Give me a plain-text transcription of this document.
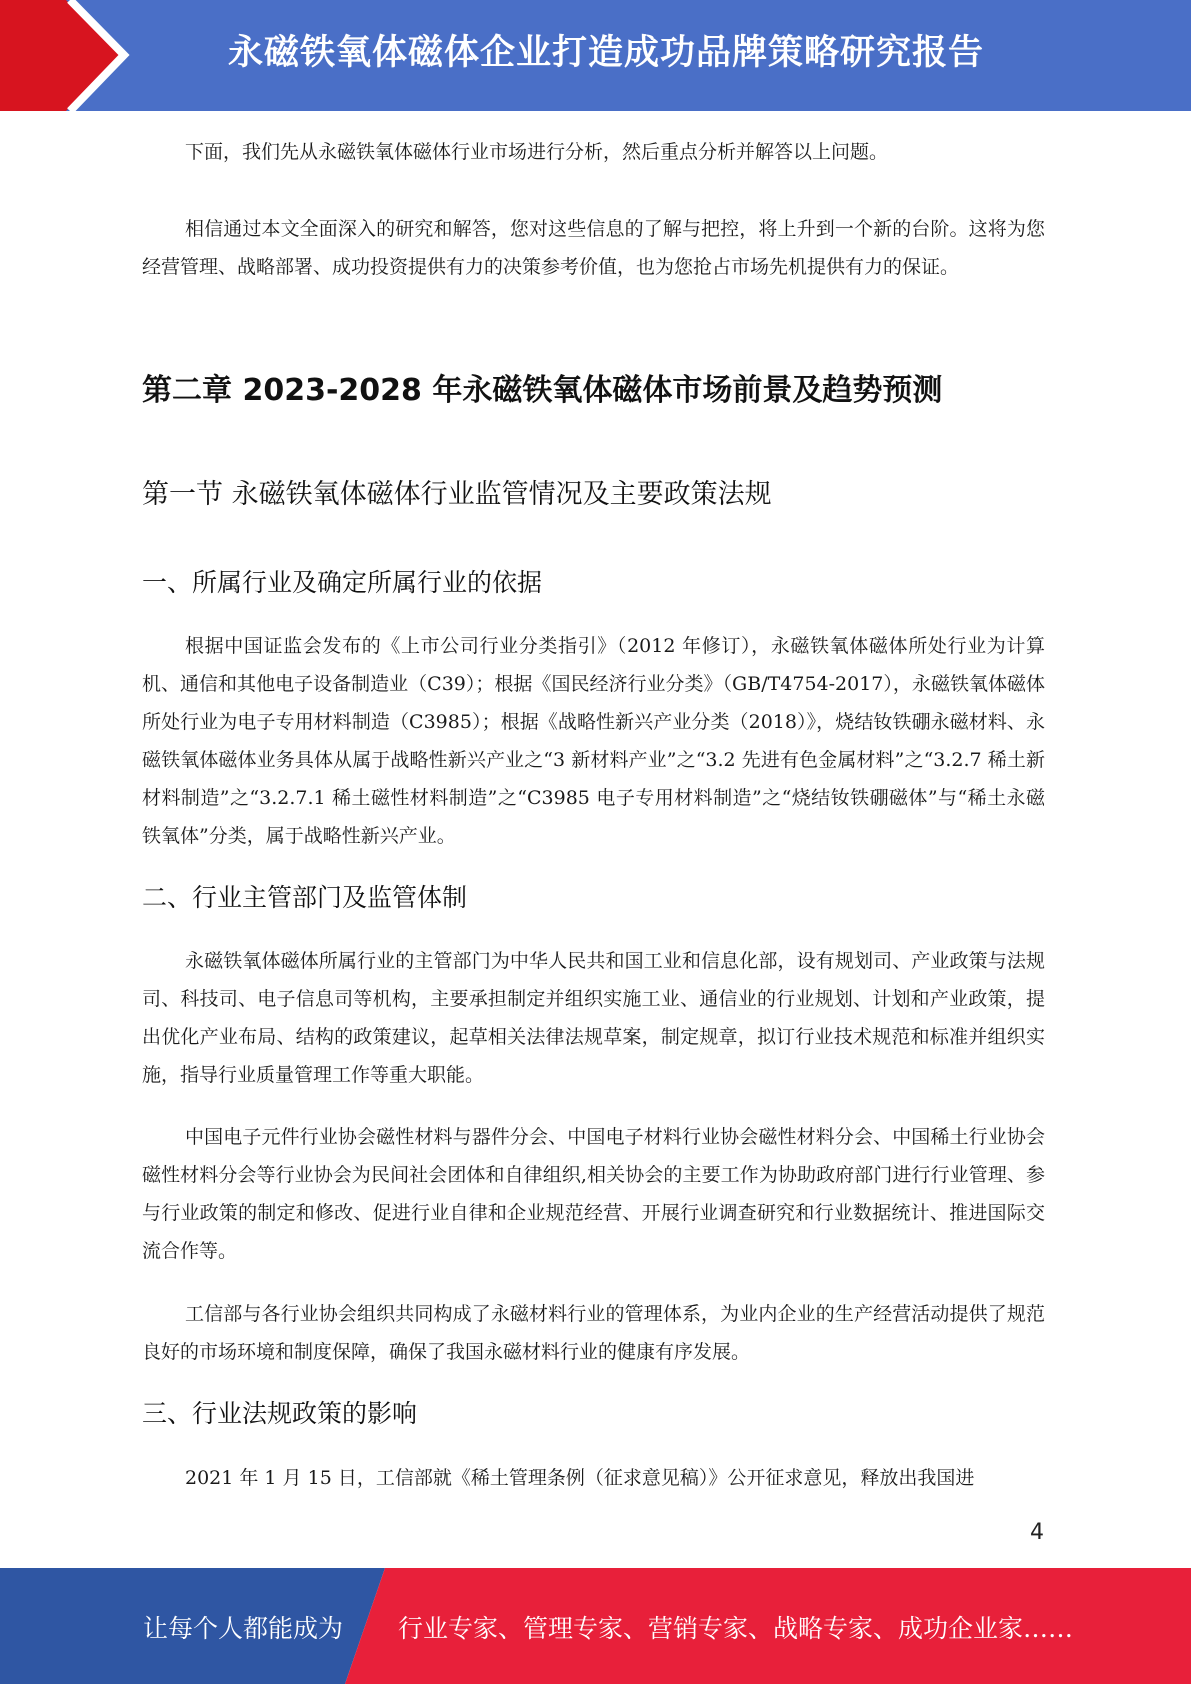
永磁铁氧体磁体企业打造成功品牌策略研究报告

下面，我们先从永磁铁氧体磁体行业市场进行分析，然后重点分析并解答以上问题。

相信通过本文全面深入的研究和解答，您对这些信息的了解与把控，将上升到一个新的台阶。这将为您经营管理、战略部署、成功投资提供有力的决策参考价值，也为您抢占市场先机提供有力的保证。

第二章 2023-2028 年永磁铁氧体磁体市场前景及趋势预测
第一节 永磁铁氧体磁体行业监管情况及主要政策法规
一、所属行业及确定所属行业的依据

根据中国证监会发布的《上市公司行业分类指引》（2012 年修订），永磁铁氧体磁体所处行业为计算机、通信和其他电子设备制造业（C39）；根据《国民经济行业分类》（GB/T4754-2017），永磁铁氧体磁体所处行业为电子专用材料制造（C3985）；根据《战略性新兴产业分类（2018）》，烧结钕铁硼永磁材料、永磁铁氧体磁体业务具体从属于战略性新兴产业之“3 新材料产业”之“3.2 先进有色金属材料”之“3.2.7 稀土新材料制造”之“3.2.7.1 稀土磁性材料制造”之“C3985 电子专用材料制造”之“烧结钕铁硼磁体”与“稀土永磁铁氧体”分类，属于战略性新兴产业。

二、行业主管部门及监管体制

永磁铁氧体磁体所属行业的主管部门为中华人民共和国工业和信息化部，设有规划司、产业政策与法规司、科技司、电子信息司等机构，主要承担制定并组织实施工业、通信业的行业规划、计划和产业政策，提出优化产业布局、结构的政策建议，起草相关法律法规草案，制定规章，拟订行业技术规范和标准并组织实施，指导行业质量管理工作等重大职能。

中国电子元件行业协会磁性材料与器件分会、中国电子材料行业协会磁性材料分会、中国稀土行业协会磁性材料分会等行业协会为民间社会团体和自律组织,相关协会的主要工作为协助政府部门进行行业管理、参与行业政策的制定和修改、促进行业自律和企业规范经营、开展行业调查研究和行业数据统计、推进国际交流合作等。

工信部与各行业协会组织共同构成了永磁材料行业的管理体系，为业内企业的生产经营活动提供了规范良好的市场环境和制度保障，确保了我国永磁材料行业的健康有序发展。

三、行业法规政策的影响

2021 年 1 月 15 日，工信部就《稀土管理条例（征求意见稿）》公开征求意见，释放出我国进

4
让每个人都能成为 行业专家、管理专家、营销专家、战略专家、成功企业家……
